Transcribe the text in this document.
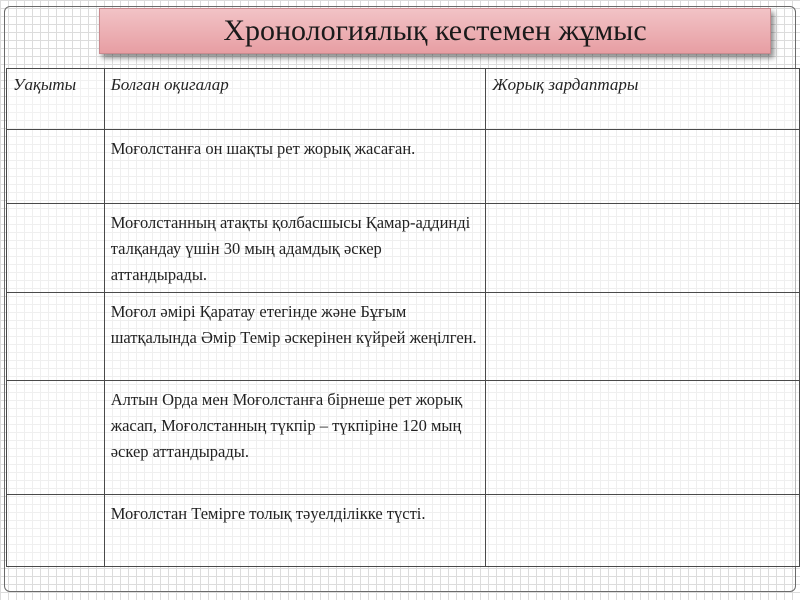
Хронологиялық кестемен жұмыс
Уақыты	Болган оқигалар	Жорық зардаптары
	Моғолстанға он шақты рет жорық жасаған.	
	Моғолстанның атақты қолбасшысы Қамар-аддинді талқандау үшін 30 мың адамдық әскер аттандырады.	
	Моғол әмірі Қаратау етегінде және Бұғым шатқалында Әмір Темір әскерінен күйрей жеңілген.	
	Алтын Орда мен Моғолстанға бірнеше рет жорық жасап, Моғолстанның түкпір – түкпіріне 120 мың әскер аттандырады.	
	Моғолстан Темірге толық тәуелділікке түсті.	
